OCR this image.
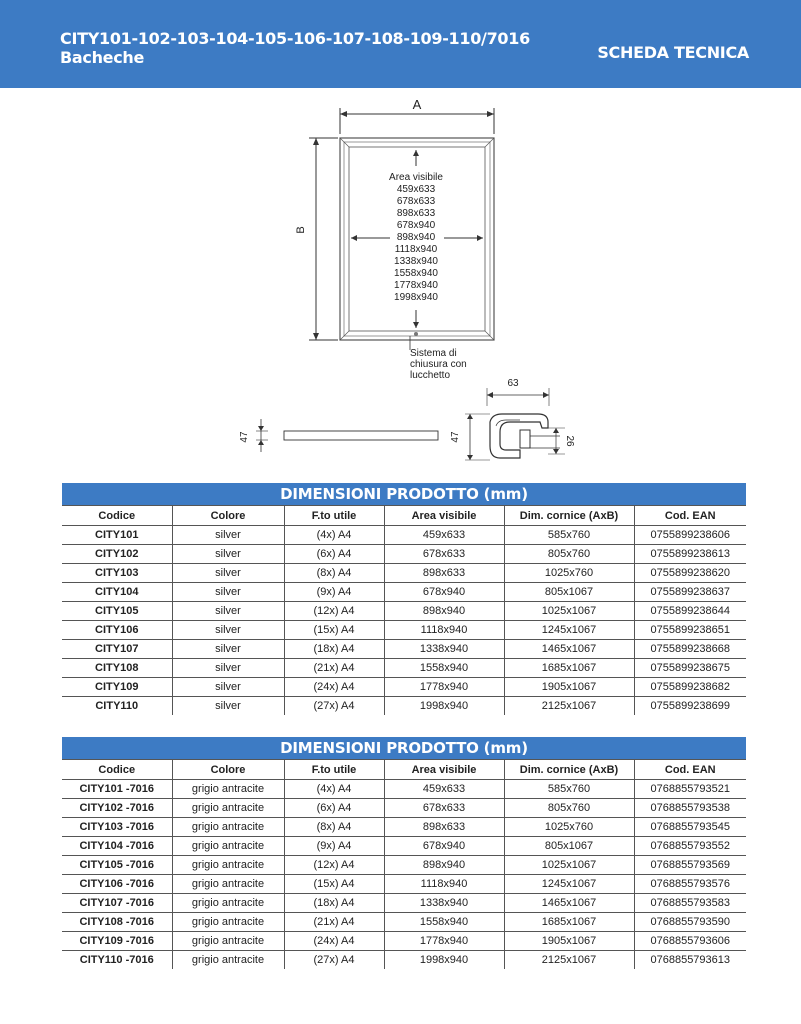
CITY101-102-103-104-105-106-107-108-109-110/7016
Bacheche	SCHEDA TECNICA
A
B
Area visibile
459x633
678x633
898x633
678x940
898x940
1118x940
1338x940
1558x940
1778x940
1998x940
Sistema di
chiusura con
lucchetto
47
63
47	26
DIMENSIONI PRODOTTO (mm)					
Codice	Colore	F.to utile	Area visibile	Dim. cornice (AxB)	Cod. EAN
CITY101	silver	(4x) A4	459x633	585x760	0755899238606
CITY102	silver	(6x) A4	678x633	805x760	0755899238613
CITY103	silver	(8x) A4	898x633	1025x760	0755899238620
CITY104	silver	(9x) A4	678x940	805x1067	0755899238637
CITY105	silver	(12x) A4	898x940	1025x1067	0755899238644
CITY106	silver	(15x) A4	1118x940	1245x1067	0755899238651
CITY107	silver	(18x) A4	1338x940	1465x1067	0755899238668
CITY108	silver	(21x) A4	1558x940	1685x1067	0755899238675
CITY109	silver	(24x) A4	1778x940	1905x1067	0755899238682
CITY110	silver	(27x) A4	1998x940	2125x1067	0755899238699
DIMENSIONI PRODOTTO (mm)					
Codice	Colore	F.to utile	Area visibile	Dim. cornice (AxB)	Cod. EAN
CITY101 -7016	grigio antracite	(4x) A4	459x633	585x760	0768855793521
CITY102 -7016	grigio antracite	(6x) A4	678x633	805x760	0768855793538
CITY103 -7016	grigio antracite	(8x) A4	898x633	1025x760	0768855793545
CITY104 -7016	grigio antracite	(9x) A4	678x940	805x1067	0768855793552
CITY105 -7016	grigio antracite	(12x) A4	898x940	1025x1067	0768855793569
CITY106 -7016	grigio antracite	(15x) A4	1118x940	1245x1067	0768855793576
CITY107 -7016	grigio antracite	(18x) A4	1338x940	1465x1067	0768855793583
CITY108 -7016	grigio antracite	(21x) A4	1558x940	1685x1067	0768855793590
CITY109 -7016	grigio antracite	(24x) A4	1778x940	1905x1067	0768855793606
CITY110 -7016	grigio antracite	(27x) A4	1998x940	2125x1067	0768855793613
